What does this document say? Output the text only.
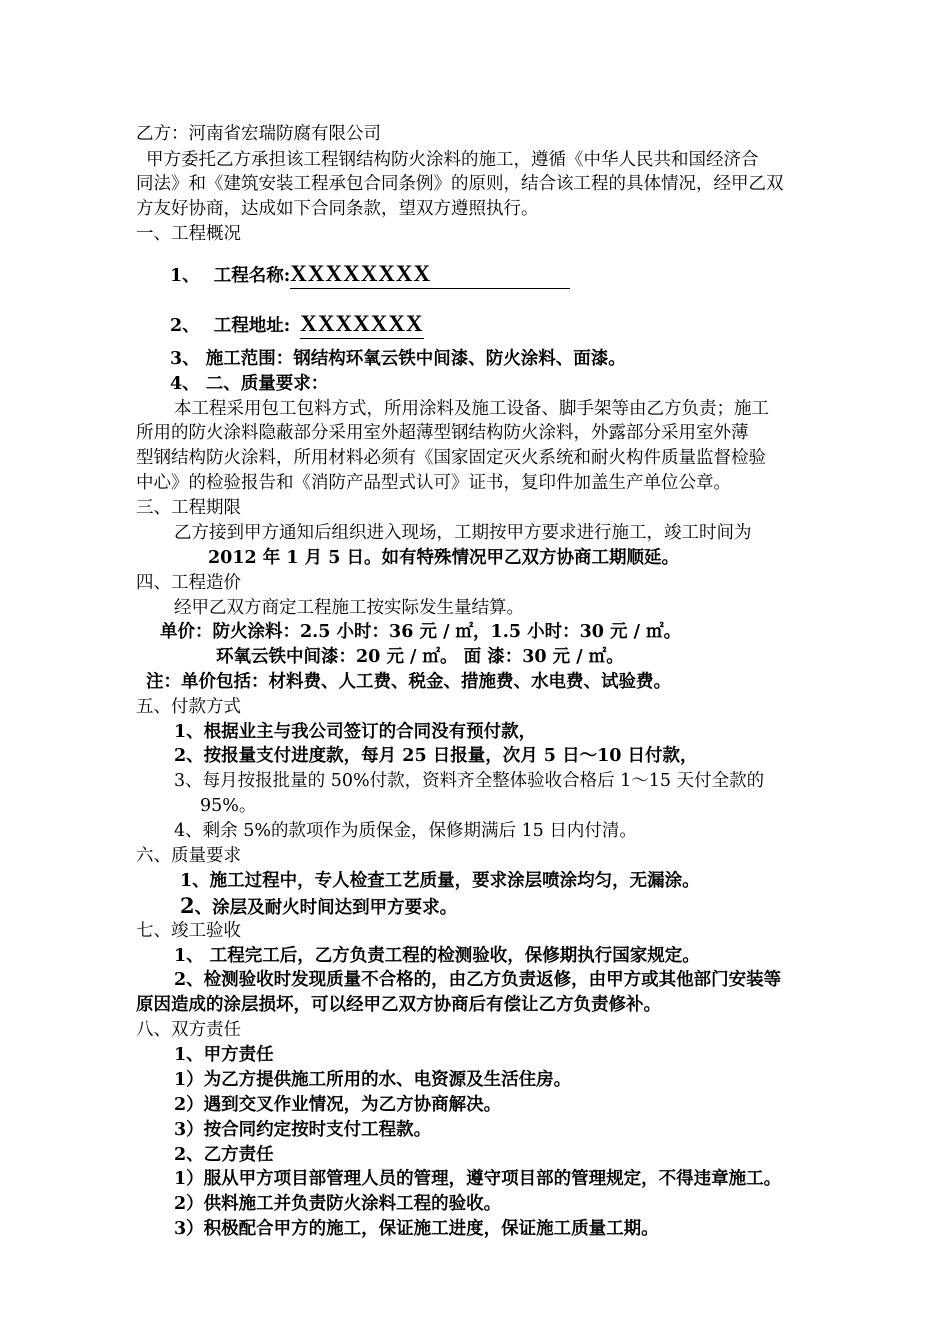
乙方：河南省宏瑞防腐有限公司
甲方委托乙方承担该工程钢结构防火涂料的施工，遵循《中华人民共和国经济合
同法》和《建筑安装工程承包合同条例》的原则，结合该工程的具体情况，经甲乙双
方友好协商，达成如下合同条款，望双方遵照执行。
一、工程概况
1、 工程名称:XXXXXXXX
2、 工程地址: XXXXXXX
3、 施工范围：钢结构环氧云铁中间漆、防火涂料、面漆。
4、 二、质量要求：
本工程采用包工包料方式，所用涂料及施工设备、脚手架等由乙方负责；施工
所用的防火涂料隐蔽部分采用室外超薄型钢结构防火涂料，外露部分采用室外薄
型钢结构防火涂料，所用材料必须有《国家固定灭火系统和耐火构件质量监督检验
中心》的检验报告和《消防产品型式认可》证书，复印件加盖生产单位公章。
三、工程期限
乙方接到甲方通知后组织进入现场，工期按甲方要求进行施工，竣工时间为
2012 年 1 月 5 日。如有特殊情况甲乙双方协商工期顺延。
四、工程造价
经甲乙双方商定工程施工按实际发生量结算。
单价：防火涂料：2.5 小时：36 元 / ㎡，1.5 小时：30 元 / ㎡。
环氧云铁中间漆：20 元 / ㎡。 面 漆：30 元 / ㎡。
注：单价包括：材料费、人工费、税金、措施费、水电费、试验费。
五、付款方式
1、根据业主与我公司签订的合同没有预付款，
2、按报量支付进度款，每月 25 日报量，次月 5 日～10 日付款，
3、每月按报批量的 50%付款，资料齐全整体验收合格后 1～15 天付全款的
95%。
4、剩余 5%的款项作为质保金，保修期满后 15 日内付清。
六、质量要求
1、施工过程中，专人检查工艺质量，要求涂层喷涂均匀，无漏涂。
2、涂层及耐火时间达到甲方要求。
七、竣工验收
1、 工程完工后，乙方负责工程的检测验收，保修期执行国家规定。
2、检测验收时发现质量不合格的，由乙方负责返修，由甲方或其他部门安装等
原因造成的涂层损坏，可以经甲乙双方协商后有偿让乙方负责修补。
八、双方责任
1、甲方责任
1）为乙方提供施工所用的水、电资源及生活住房。
2）遇到交叉作业情况，为乙方协商解决。
3）按合同约定按时支付工程款。
2、乙方责任
1）服从甲方项目部管理人员的管理，遵守项目部的管理规定，不得违章施工。
2）供料施工并负责防火涂料工程的验收。
3）积极配合甲方的施工，保证施工进度，保证施工质量工期。
